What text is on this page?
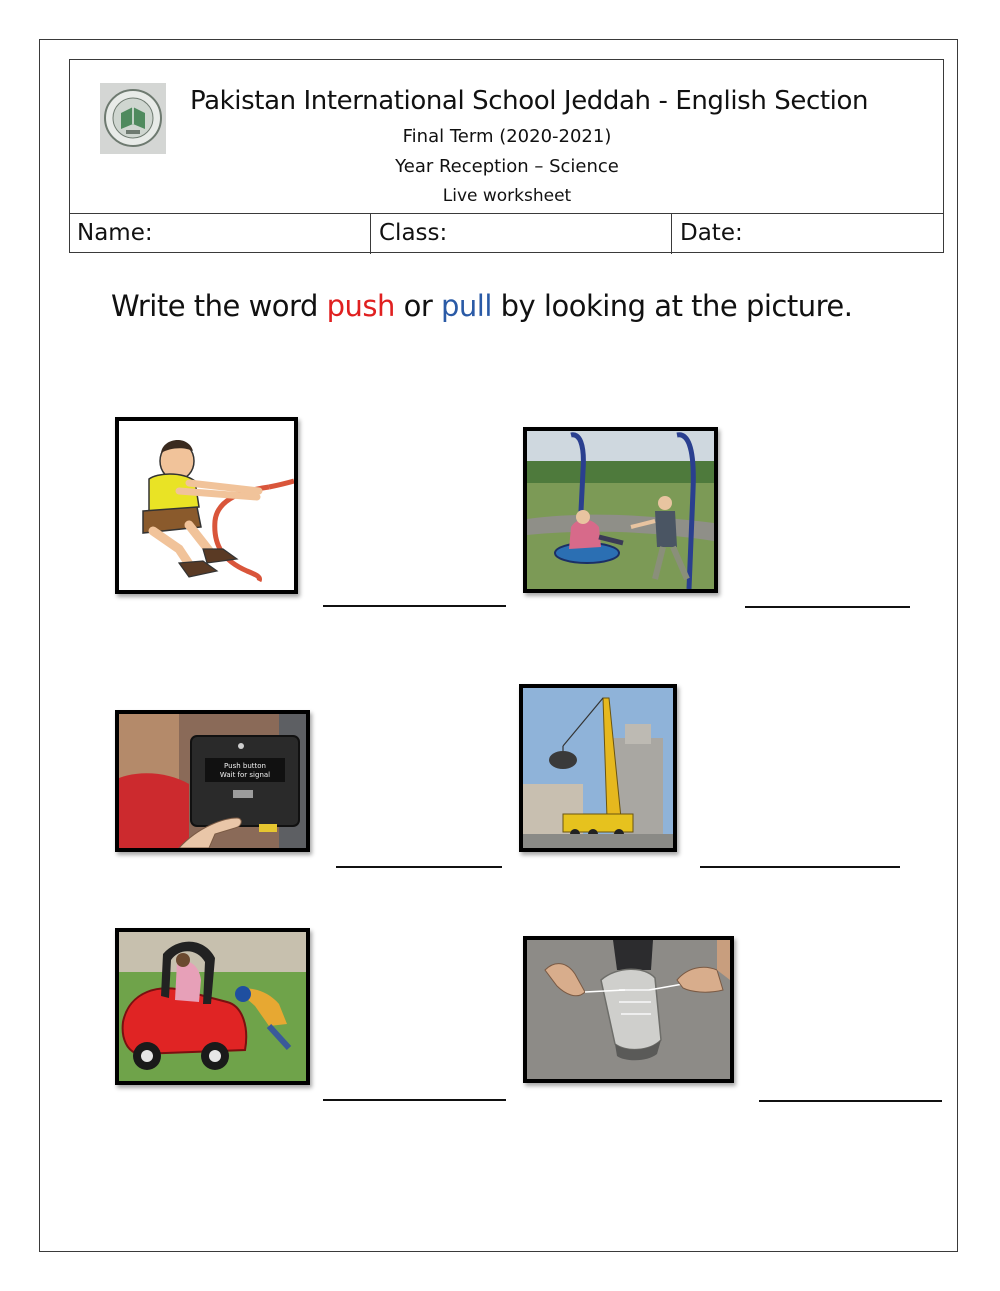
Pakistan International School Jeddah - English Section
Final Term (2020-2021)
Year Reception – Science
Live worksheet
Name:	Class:	Date:
Write the word push or pull by looking at the picture.
Push button
Wait for signal
